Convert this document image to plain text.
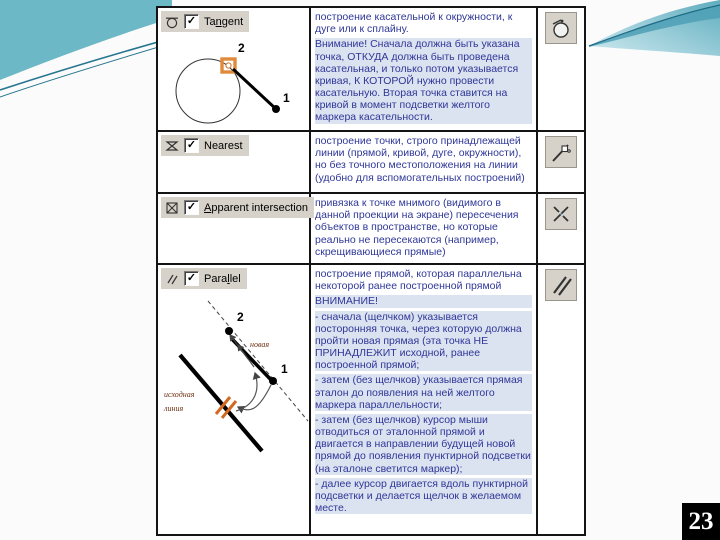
✓ Tangent
2
1

построение касательной к окружности, к дуге или к сплайну.

Внимание! Сначала должна быть указана точка, ОТКУДА должна быть проведена касательная, и только потом указывается кривая, К КОТОРОЙ нужно провести касательную. Вторая точка ставится на кривой в момент подсветки желтого маркера касательности.

✓ Nearest	построение точки, строго принадлежащей линии (прямой, кривой, дуге, окружности), но без точного местоположения на линии (удобно для вспомогательных построений)

✓ Apparent intersection привязка к точке мнимого (видимого в данной проекции на экране) пересечения объектов в пространстве, но которые реально не пересекаются (например, скрещивающиеся прямые)

✓ Parallel
2
1
новая
исходная
линия

построение прямой, которая параллельна некоторой ранее построенной прямой

ВНИМАНИЕ!

- сначала (щелчком) указывается посторонняя точка, через которую должна пройти новая прямая (эта точка НЕ ПРИНАДЛЕЖИТ исходной, ранее построенной прямой;

- затем (без щелчков) указывается прямая эталон до появления на ней желтого маркера параллельности;

- затем (без щелчков) курсор мыши отводиться от эталонной прямой и двигается в направлении будущей новой прямой до появления пунктирной подсветки (на эталоне светится маркер);

- далее курсор двигается вдоль пунктирной подсветки и делается щелчок в желаемом месте.	23
